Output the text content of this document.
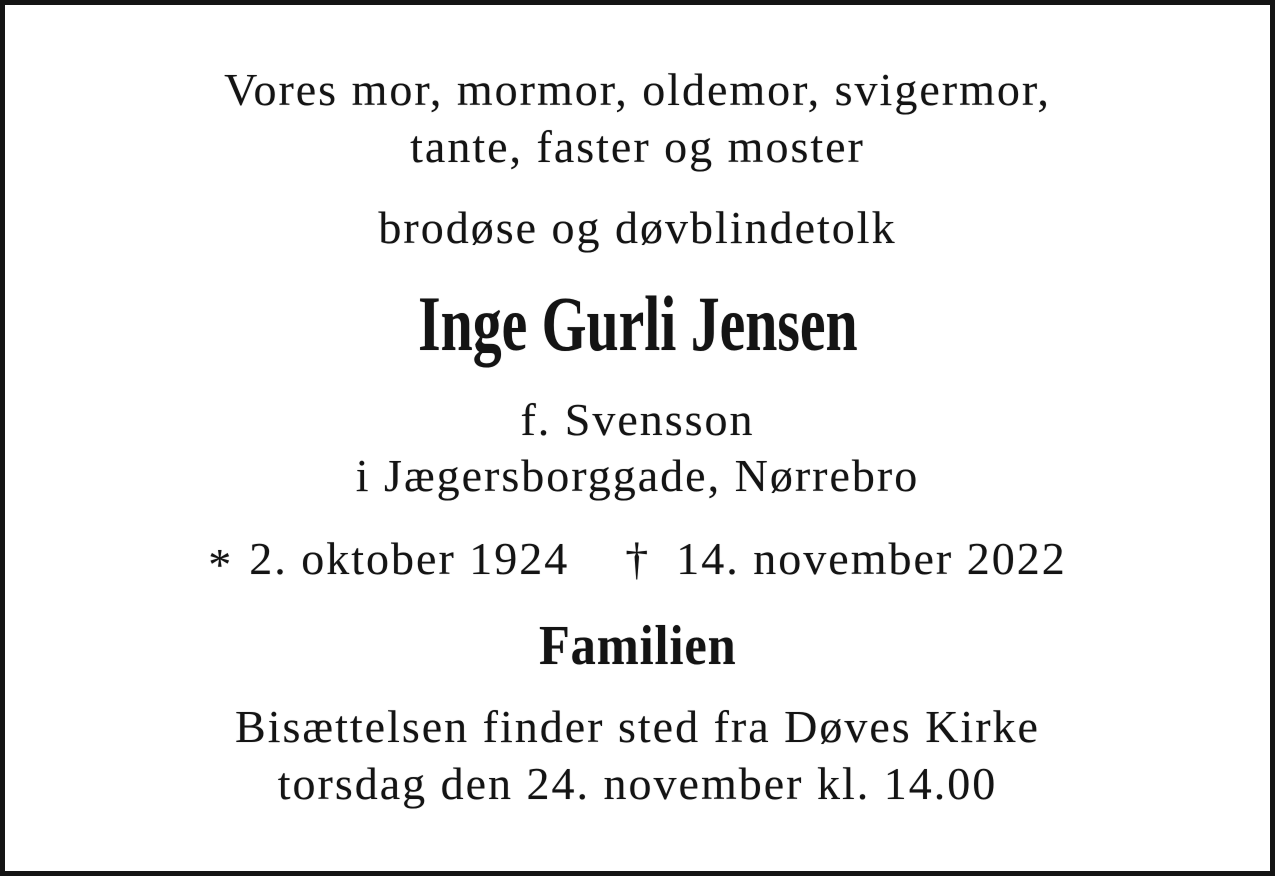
Vores mor, mormor, oldemor, svigermor,
tante, faster og moster

brodøse og døvblindetolk

Inge Gurli Jensen

f. Svensson
i Jægersborggade, Nørrebro

* 2. oktober 1924 † 14. november 2022
Familien

Bisættelsen finder sted fra Døves Kirke
torsdag den 24. november kl. 14.00
